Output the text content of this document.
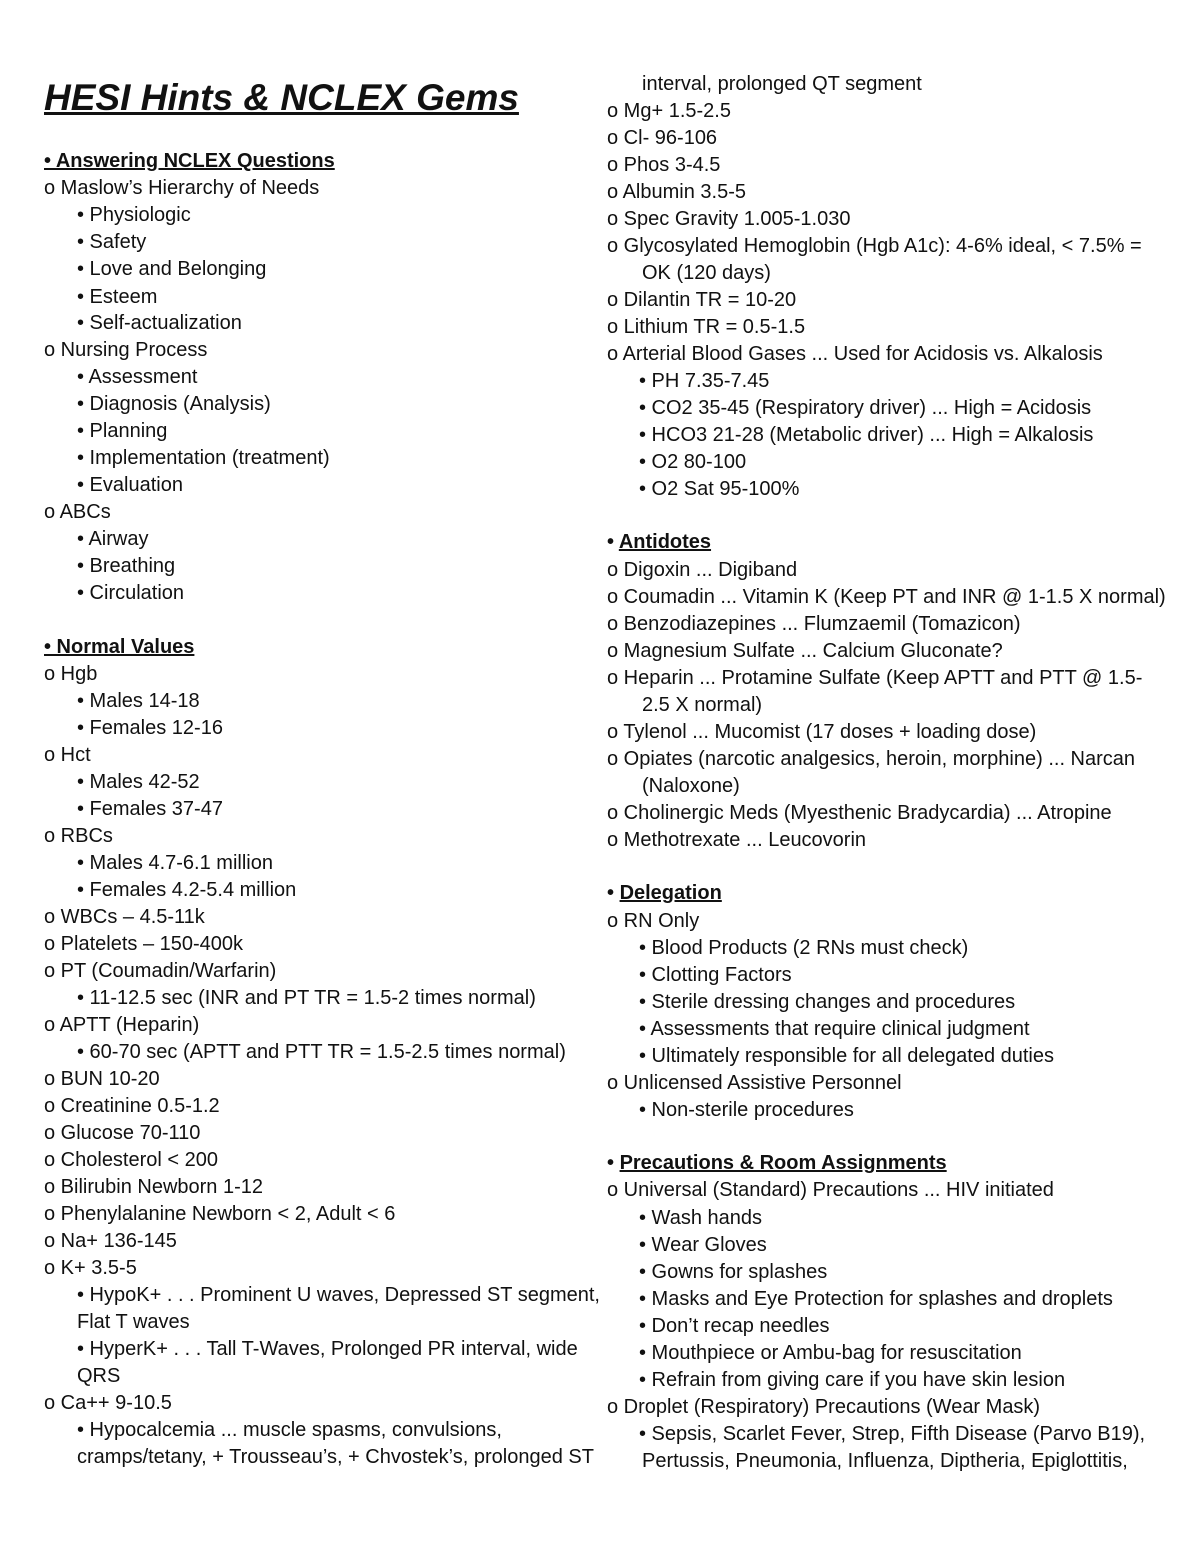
HESI Hints & NCLEX Gems
• Answering NCLEX Questions
o Maslow’s Hierarchy of Needs
• Physiologic
• Safety
• Love and Belonging
• Esteem
• Self-actualization
o Nursing Process
• Assessment
• Diagnosis (Analysis)
• Planning
• Implementation (treatment)
• Evaluation
o ABCs
• Airway
• Breathing
• Circulation
• Normal Values
o Hgb
• Males 14-18
• Females 12-16
o Hct
• Males 42-52
• Females 37-47
o RBCs
• Males 4.7-6.1 million
• Females 4.2-5.4 million
o WBCs – 4.5-11k
o Platelets – 150-400k
o PT (Coumadin/Warfarin)
• 11-12.5 sec (INR and PT TR = 1.5-2 times normal)
o APTT (Heparin)
• 60-70 sec (APTT and PTT TR = 1.5-2.5 times normal)
o BUN 10-20
o Creatinine 0.5-1.2
o Glucose 70-110
o Cholesterol < 200
o Bilirubin Newborn 1-12
o Phenylalanine Newborn < 2, Adult < 6
o Na+ 136-145
o K+ 3.5-5
• HypoK+ . . . Prominent U waves, Depressed ST segment,
Flat T waves
• HyperK+ . . . Tall T-Waves, Prolonged PR interval, wide
QRS
o Ca++ 9-10.5
• Hypocalcemia ... muscle spasms, convulsions,
cramps/tetany, + Trousseau’s, + Chvostek’s, prolonged ST
interval, prolonged QT segment
o Mg+ 1.5-2.5
o Cl- 96-106
o Phos 3-4.5
o Albumin 3.5-5
o Spec Gravity 1.005-1.030
o Glycosylated Hemoglobin (Hgb A1c): 4-6% ideal, < 7.5% =
OK (120 days)
o Dilantin TR = 10-20
o Lithium TR = 0.5-1.5
o Arterial Blood Gases ... Used for Acidosis vs. Alkalosis
• PH 7.35-7.45
• CO2 35-45 (Respiratory driver) ... High = Acidosis
• HCO3 21-28 (Metabolic driver) ... High = Alkalosis
• O2 80-100
• O2 Sat 95-100%
• Antidotes
o Digoxin ... Digiband
o Coumadin ... Vitamin K (Keep PT and INR @ 1-1.5 X normal)
o Benzodiazepines ... Flumzaemil (Tomazicon)
o Magnesium Sulfate ... Calcium Gluconate?
o Heparin ... Protamine Sulfate (Keep APTT and PTT @ 1.5-
2.5 X normal)
o Tylenol ... Mucomist (17 doses + loading dose)
o Opiates (narcotic analgesics, heroin, morphine) ... Narcan
(Naloxone)
o Cholinergic Meds (Myesthenic Bradycardia) ... Atropine
o Methotrexate ... Leucovorin
• Delegation
o RN Only
• Blood Products (2 RNs must check)
• Clotting Factors
• Sterile dressing changes and procedures
• Assessments that require clinical judgment
• Ultimately responsible for all delegated duties
o Unlicensed Assistive Personnel
• Non-sterile procedures
• Precautions & Room Assignments
o Universal (Standard) Precautions ... HIV initiated
• Wash hands
• Wear Gloves
• Gowns for splashes
• Masks and Eye Protection for splashes and droplets
• Don’t recap needles
• Mouthpiece or Ambu-bag for resuscitation
• Refrain from giving care if you have skin lesion
o Droplet (Respiratory) Precautions (Wear Mask)
• Sepsis, Scarlet Fever, Strep, Fifth Disease (Parvo B19),
Pertussis, Pneumonia, Influenza, Diptheria, Epiglottitis,
